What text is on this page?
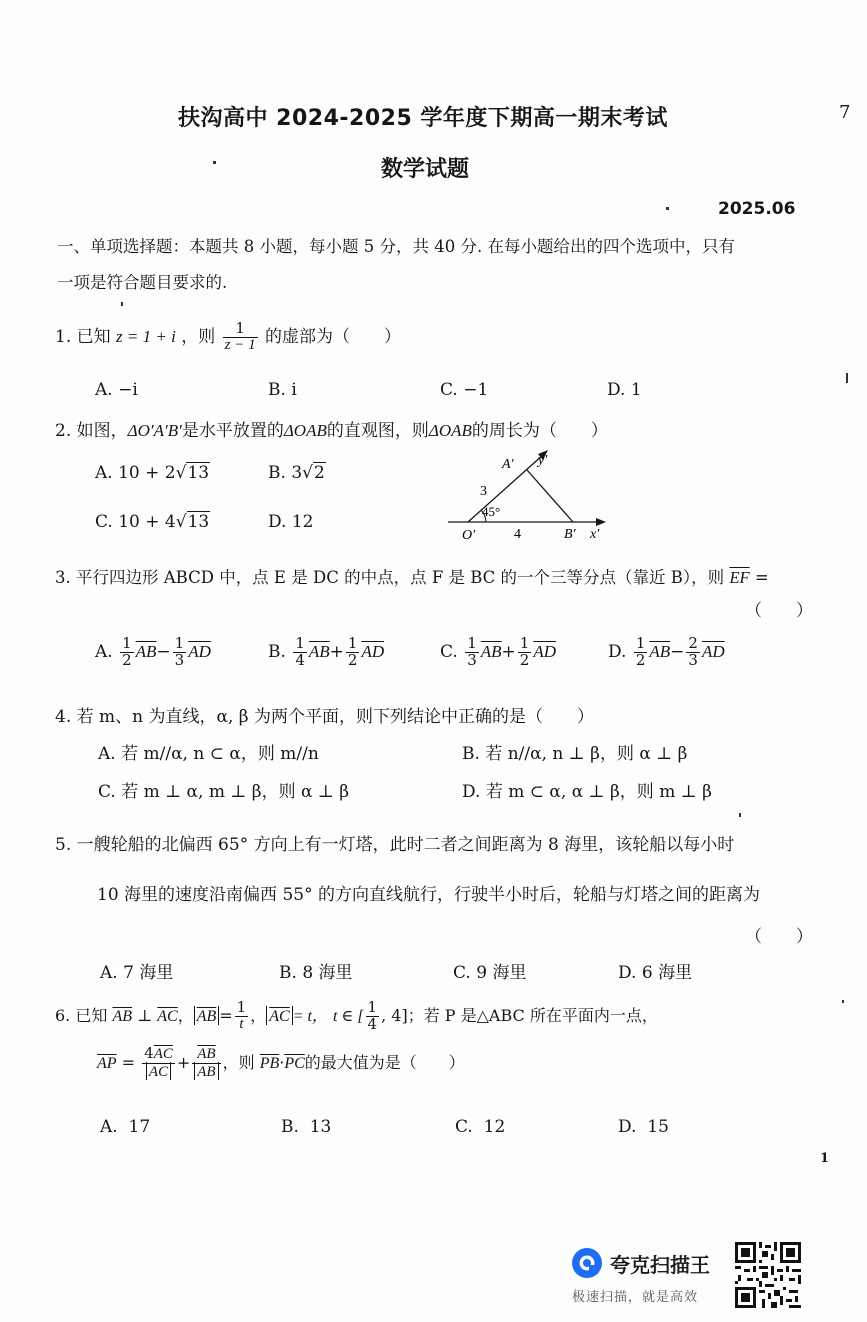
扶沟高中 2024-2025 学年度下期高一期末考试	7
数学试题
2025.06
一、单项选择题：本题共 8 小题，每小题 5 分，共 40 分. 在每小题给出的四个选项中，只有
一项是符合题目要求的.
1. 已知 z = 1 + i ，则 $\frac{1}{z - 1}$ 的虚部为（　　）
A. −i	B. i	C. −1	D. 1
2. 如图，ΔO′A′B′是水平放置的ΔOAB的直观图，则ΔOAB的周长为（　　）
A. 10 + 2√13	B. 3√2
C. 10 + 4√13	D. 12
A′ y′
3
45°
O′	4	B′ x′
3. 平行四边形 ABCD 中，点 E 是 DC 的中点，点 F 是 BC 的一个三等分点（靠近 B），则 $\overline{EF}$ =
（　　）
A. $\frac{1}{2} \overline{AB}- \frac{1}{3} \overline{AD}$	B. $\frac{1}{4} \overline{AB}+ \frac{1}{2} \overline{AD}$	C. $\frac{1}{3} \overline{AB}+ \frac{1}{2} \overline{AD}$	D. $\frac{1}{2} \overline{AB}- \frac{2}{3} \overline{AD}$
4. 若 m、n 为直线，α, β 为两个平面，则下列结论中正确的是（　　）
A. 若 m//α, n ⊂ α，则 m//n	B. 若 n//α, n ⊥ β，则 α ⊥ β
C. 若 m ⊥ α, m ⊥ β，则 α ⊥ β	D. 若 m ⊂ α, α ⊥ β，则 m ⊥ β
5. 一艘轮船的北偏西 65° 方向上有一灯塔，此时二者之间距离为 8 海里，该轮船以每小时
10 海里的速度沿南偏西 55° 的方向直线航行，行驶半小时后，轮船与灯塔之间的距离为
（　　）
A. 7 海里	B. 8 海里	C. 9 海里	D. 6 海里
6. 已知 $\overline{AB}$ ⊥ $\overline{AC}$， $\overline{AB} = \frac{1}{t}$ ， $\overline{AC} = t$， t ∈ [ $\frac{1}{4}$ , 4]；若 P 是△ABC 所在平面内一点，
$\overline{AP} = \frac{4\overline{AC}}{AC} + \frac{\overline{AB}}{AB}$ ，则 $\overline{PB}\cdot\overline{PC}$的最大值为是（　　）
A. 17	B. 13	C. 12	D. 15
1
夸克扫描王
极速扫描，就是高效
